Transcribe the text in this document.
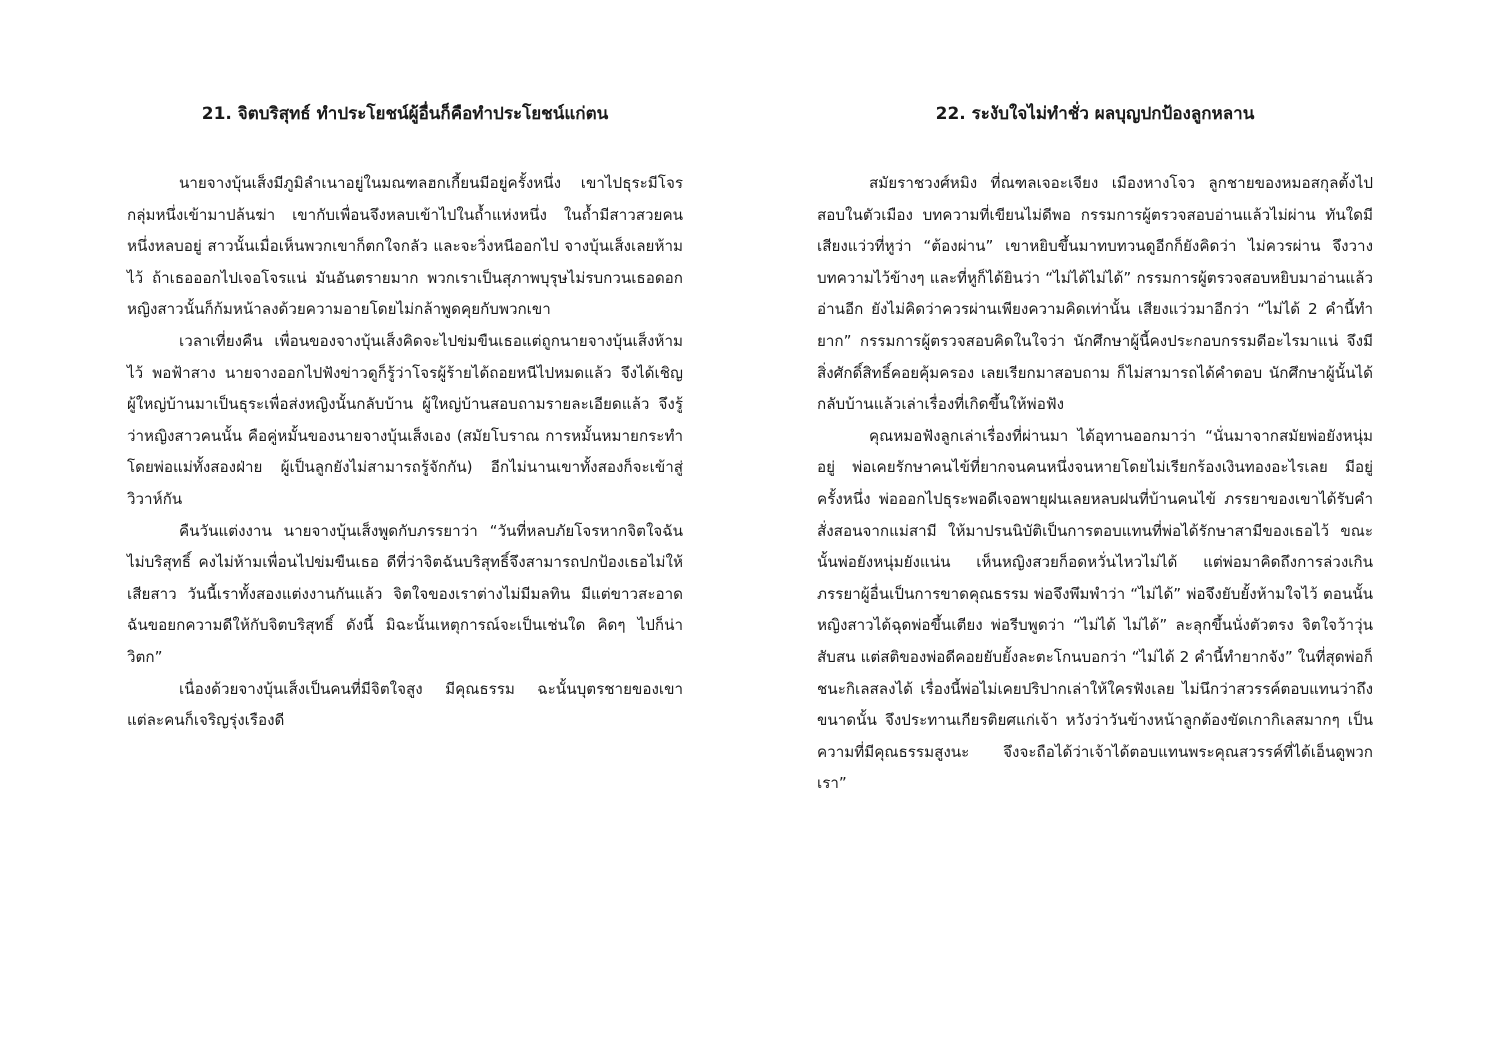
21. จิตบริสุทธ์ ทำประโยชน์ผู้อื่นก็คือทำประโยชน์แก่ตน

นายจางบุ้นเส็งมีภูมิลำเนาอยู่ในมณฑลฮกเกี้ยนมีอยู่ครั้งหนึ่ง เขาไปธุระมีโจรกลุ่มหนึ่งเข้ามาปล้นฆ่า เขากับเพื่อนจึงหลบเข้าไปในถ้ำแห่งหนึ่ง ในถ้ำมีสาวสวยคนหนึ่งหลบอยู่ สาวนั้นเมื่อเห็นพวกเขาก็ตกใจกลัว และจะวิ่งหนีออกไป จางบุ้นเส็งเลยห้ามไว้ ถ้าเธอออกไปเจอโจรแน่ มันอันตรายมาก พวกเราเป็นสุภาพบุรุษไม่รบกวนเธอดอก หญิงสาวนั้นก็ก้มหน้าลงด้วยความอายโดยไม่กล้าพูดคุยกับพวกเขา

เวลาเที่ยงคืน เพื่อนของจางบุ้นเส็งคิดจะไปข่มขืนเธอแต่ถูกนายจางบุ้นเส็งห้ามไว้ พอฟ้าสาง นายจางออกไปฟังข่าวดูก็รู้ว่าโจรผู้ร้ายได้ถอยหนีไปหมดแล้ว จึงได้เชิญผู้ใหญ่บ้านมาเป็นธุระเพื่อส่งหญิงนั้นกลับบ้าน ผู้ใหญ่บ้านสอบถามรายละเอียดแล้ว จึงรู้ว่าหญิงสาวคนนั้น คือคู่หมั้นของนายจางบุ้นเส็งเอง (สมัยโบราณ การหมั้นหมายกระทำโดยพ่อแม่ทั้งสองฝ่าย ผู้เป็นลูกยังไม่สามารถรู้จักกัน) อีกไม่นานเขาทั้งสองก็จะเข้าสู่วิวาห์กัน

คืนวันแต่งงาน นายจางบุ้นเส็งพูดกับภรรยาว่า “วันที่หลบภัยโจรหากจิตใจฉันไม่บริสุทธิ์ คงไม่ห้ามเพื่อนไปข่มขืนเธอ ดีที่ว่าจิตฉันบริสุทธิ์จึงสามารถปกป้องเธอไม่ให้เสียสาว วันนี้เราทั้งสองแต่งงานกันแล้ว จิตใจของเราต่างไม่มีมลทิน มีแต่ขาวสะอาด ฉันขอยกความดีให้กับจิตบริสุทธิ์ ดังนี้ มิฉะนั้นเหตุการณ์จะเป็นเช่นใด คิดๆ ไปก็น่าวิตก”

เนื่องด้วยจางบุ้นเส็งเป็นคนที่มีจิตใจสูง มีคุณธรรม ฉะนั้นบุตรชายของเขาแต่ละคนก็เจริญรุ่งเรืองดี

22. ระงับใจไม่ทำชั่ว ผลบุญปกป้องลูกหลาน

สมัยราชวงศ์หมิง ที่ณฑลเจอะเจียง เมืองหางโจว ลูกชายของหมอสกุลตั้งไปสอบในตัวเมือง บทความที่เขียนไม่ดีพอ กรรมการผู้ตรวจสอบอ่านแล้วไม่ผ่าน ทันใดมีเสียงแว่วที่หูว่า “ต้องผ่าน” เขาหยิบขึ้นมาทบทวนดูอีกก็ยังคิดว่า ไม่ควรผ่าน จึงวางบทความไว้ข้างๆ และที่หูก็ได้ยินว่า “ไม่ได้ไม่ได้” กรรมการผู้ตรวจสอบหยิบมาอ่านแล้ว อ่านอีก ยังไม่คิดว่าควรผ่านเพียงความคิดเท่านั้น เสียงแว่วมาอีกว่า “ไม่ได้ 2 คำนี้ทำยาก” กรรมการผู้ตรวจสอบคิดในใจว่า นักศึกษาผู้นี้คงประกอบกรรมดีอะไรมาแน่ จึงมีสิ่งศักดิ์สิทธิ์คอยคุ้มครอง เลยเรียกมาสอบถาม ก็ไม่สามารถได้คำตอบ นักศึกษาผู้นั้นได้กลับบ้านแล้วเล่าเรื่องที่เกิดขึ้นให้พ่อฟัง

คุณหมอฟังลูกเล่าเรื่องที่ผ่านมา ได้อุทานออกมาว่า “นั่นมาจากสมัยพ่อยังหนุ่มอยู่ พ่อเคยรักษาคนไข้ที่ยากจนคนหนึ่งจนหายโดยไม่เรียกร้องเงินทองอะไรเลย มีอยู่ครั้งหนึ่ง พ่อออกไปธุระพอดีเจอพายุฝนเลยหลบฝนที่บ้านคนไข้ ภรรยาของเขาได้รับคำสั่งสอนจากแม่สามี ให้มาปรนนิบัติเป็นการตอบแทนที่พ่อได้รักษาสามีของเธอไว้ ขณะนั้นพ่อยังหนุ่มยังแน่น เห็นหญิงสวยก็อดหวั่นไหวไม่ได้ แต่พ่อมาคิดถึงการล่วงเกินภรรยาผู้อื่นเป็นการขาดคุณธรรม พ่อจึงพึมพำว่า “ไม่ได้” พ่อจึงยับยั้งห้ามใจไว้ ตอนนั้นหญิงสาวได้ฉุดพ่อขึ้นเตียง พ่อรีบพูดว่า “ไม่ได้ ไม่ได้” ละลุกขึ้นนั่งตัวตรง จิตใจว้าวุ่นสับสน แต่สติของพ่อดีคอยยับยั้งละตะโกนบอกว่า “ไม่ได้ 2 คำนี้ทำยากจัง” ในที่สุดพ่อก็ชนะกิเลสลงได้ เรื่องนี้พ่อไม่เคยปริปากเล่าให้ใครฟังเลย ไม่นึกว่าสวรรค์ตอบแทนว่าถึงขนาดนั้น จึงประทานเกียรติยศแก่เจ้า หวังว่าวันข้างหน้าลูกต้องขัดเกากิเลสมากๆ เป็นความที่มีคุณธรรมสูงนะ จึงจะถือได้ว่าเจ้าได้ตอบแทนพระคุณสวรรค์ที่ได้เอ็นดูพวกเรา”
